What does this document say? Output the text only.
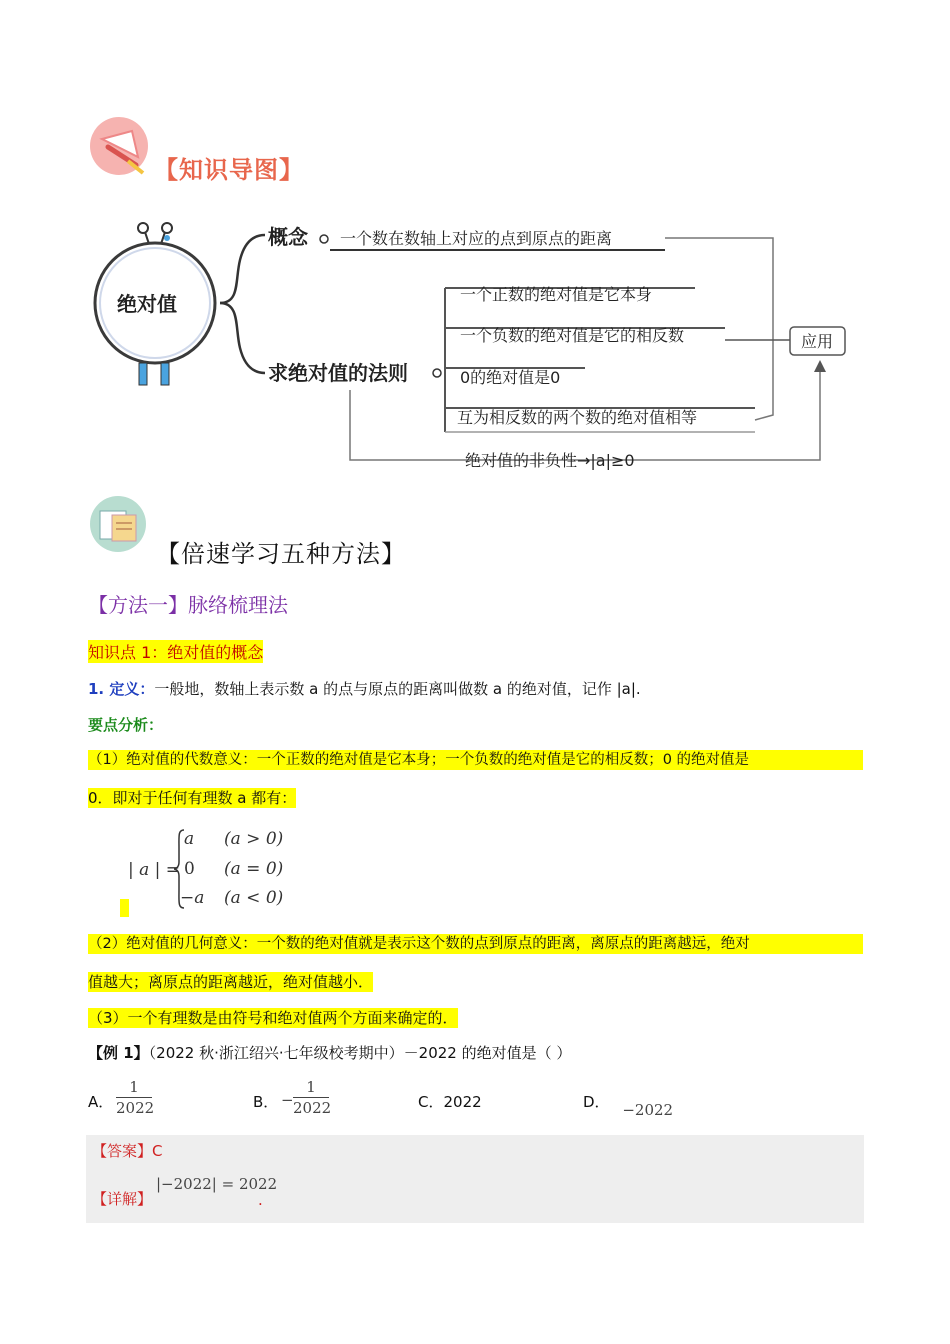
【知识导图】
绝对值
概念 一个数在数轴上对应的点到原点的距离
求绝对值的法则
一个正数的绝对值是它本身
一个负数的绝对值是它的相反数
0的绝对值是0
互为相反数的两个数的绝对值相等
应用
绝对值的非负性→|a|≥0
【倍速学习五种方法】
【方法一】脉络梳理法
知识点 1：绝对值的概念
1. 定义：一般地，数轴上表示数 a 的点与原点的距离叫做数 a 的绝对值，记作 |a|.
要点分析：
（1）绝对值的代数意义：一个正数的绝对值是它本身；一个负数的绝对值是它的相反数；0 的绝对值是
0．即对于任何有理数 a 都有：
| a | =
a (a > 0)
0 (a = 0)
−a (a < 0)
（2）绝对值的几何意义：一个数的绝对值就是表示这个数的点到原点的距离，离原点的距离越远，绝对
值越大；离原点的距离越近，绝对值越小．
（3）一个有理数是由符号和绝对值两个方面来确定的．
【例 1】（2022 秋·浙江绍兴·七年级校考期中）－2022 的绝对值是（ ）
A．
1
2022	B． −
1
2022	C．2022	D． −2022
【答案】C
【详解】
|−2022| = 2022
.
